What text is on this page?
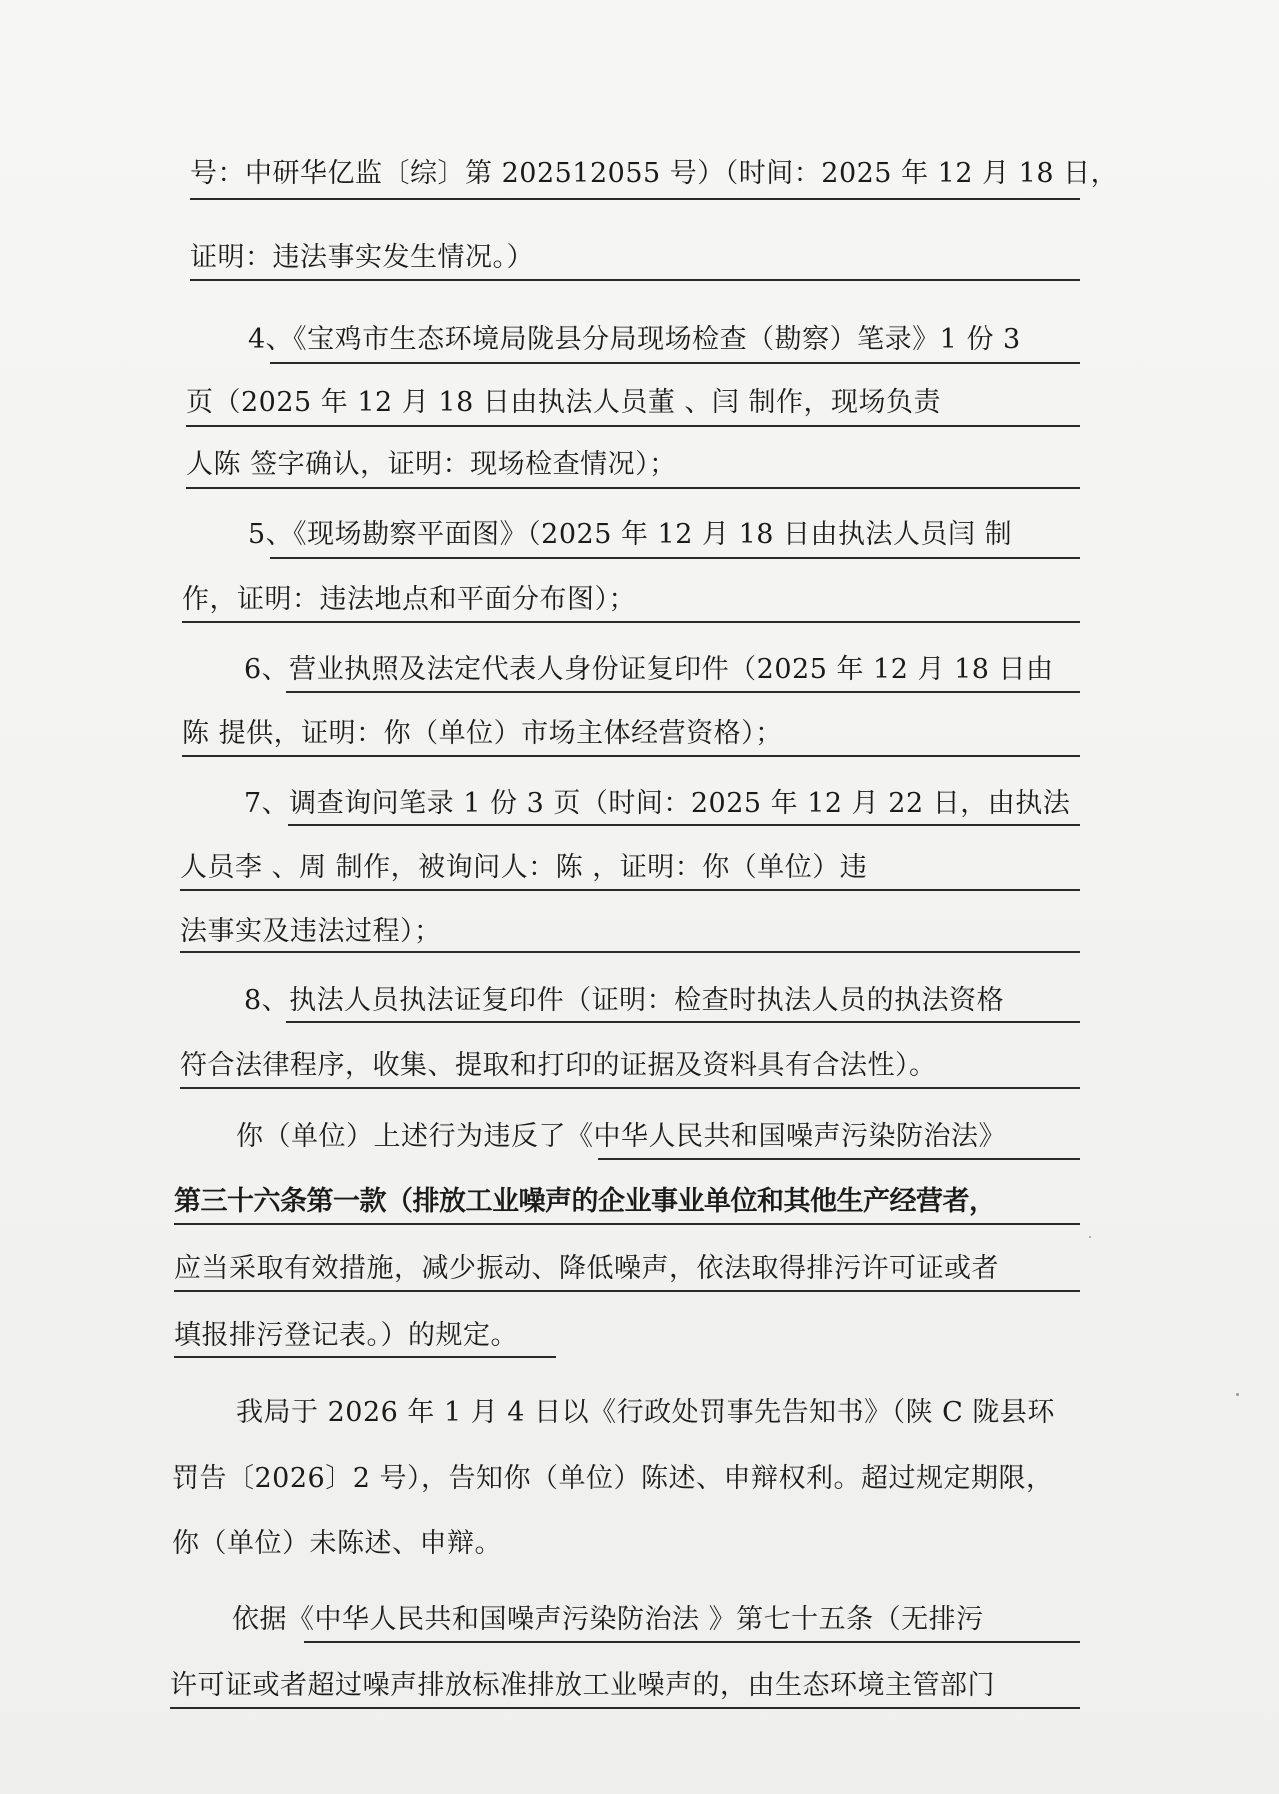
号：中研华亿监〔综〕第 202512055 号）（时间：2025 年 12 月 18 日，
证明：违法事实发生情况。）
4、《宝鸡市生态环境局陇县分局现场检查（勘察）笔录》1 份 3
页（2025 年 12 月 18 日由执法人员董 、闫 制作，现场负责
人陈 签字确认，证明：现场检查情况）；
5、《现场勘察平面图》（2025 年 12 月 18 日由执法人员闫 制
作，证明：违法地点和平面分布图）；
6、营业执照及法定代表人身份证复印件（2025 年 12 月 18 日由
陈 提供，证明：你（单位）市场主体经营资格）；
7、调查询问笔录 1 份 3 页（时间：2025 年 12 月 22 日，由执法
人员李 、周 制作，被询问人：陈 ，证明：你（单位）违
法事实及违法过程）；
8、执法人员执法证复印件（证明：检查时执法人员的执法资格
符合法律程序，收集、提取和打印的证据及资料具有合法性）。
你（单位）上述行为违反了《中华人民共和国噪声污染防治法》
第三十六条第一款（排放工业噪声的企业事业单位和其他生产经营者，
应当采取有效措施，减少振动、降低噪声，依法取得排污许可证或者
填报排污登记表。）的规定。
我局于 2026 年 1 月 4 日以《行政处罚事先告知书》（陕 C 陇县环
罚告〔2026〕2 号），告知你（单位）陈述、申辩权利。超过规定期限，
你（单位）未陈述、申辩。
依据《中华人民共和国噪声污染防治法 》第七十五条（无排污
许可证或者超过噪声排放标准排放工业噪声的，由生态环境主管部门
